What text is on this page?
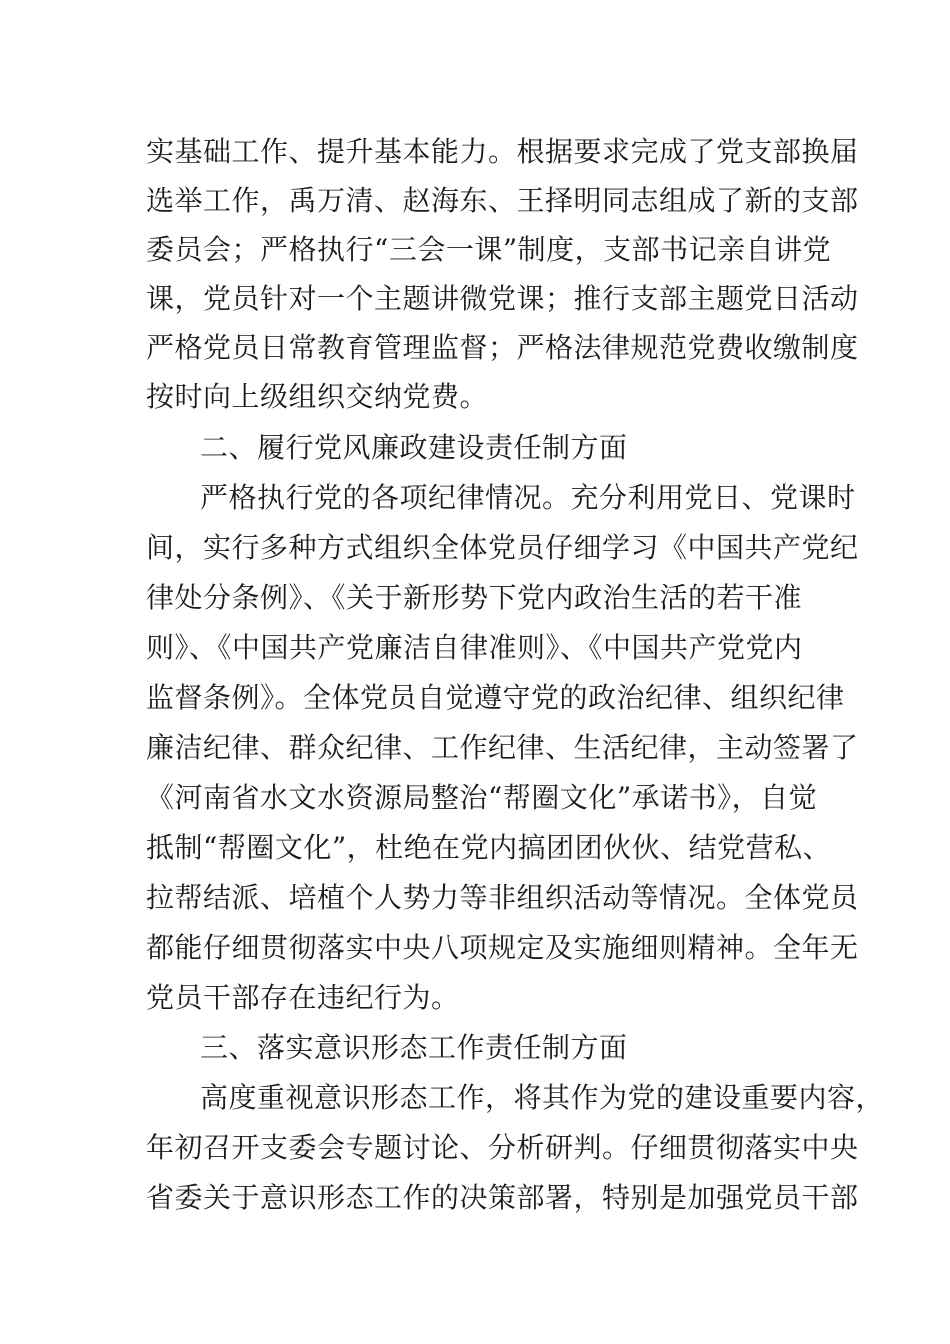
实基础工作、提升基本能力。根据要求完成了党支部换届
选举工作，禹万清、赵海东、王择明同志组成了新的支部
委员会；严格执行“三会一课”制度，支部书记亲自讲党
课，党员针对一个主题讲微党课；推行支部主题党日活动
严格党员日常教育管理监督；严格法律规范党费收缴制度
按时向上级组织交纳党费。
二、履行党风廉政建设责任制方面
严格执行党的各项纪律情况。充分利用党日、党课时
间，实行多种方式组织全体党员仔细学习《中国共产党纪
律处分条例》、《关于新形势下党内政治生活的若干准
则》、《中国共产党廉洁自律准则》、《中国共产党党内
监督条例》。全体党员自觉遵守党的政治纪律、组织纪律
廉洁纪律、群众纪律、工作纪律、生活纪律，主动签署了
《河南省水文水资源局整治“帮圈文化”承诺书》，自觉
抵制“帮圈文化”，杜绝在党内搞团团伙伙、结党营私、
拉帮结派、培植个人势力等非组织活动等情况。全体党员
都能仔细贯彻落实中央八项规定及实施细则精神。全年无
党员干部存在违纪行为。
三、落实意识形态工作责任制方面
高度重视意识形态工作，将其作为党的建设重要内容，
年初召开支委会专题讨论、分析研判。仔细贯彻落实中央
省委关于意识形态工作的决策部署，特别是加强党员干部
